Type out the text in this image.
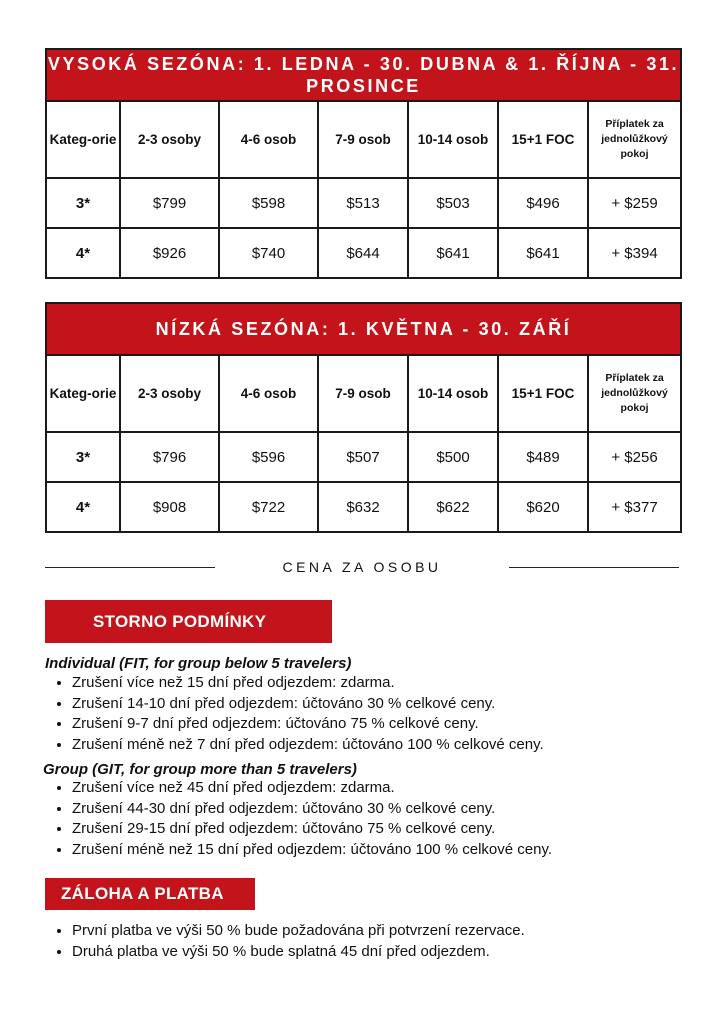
VYSOKÁ SEZÓNA: 1. LEDNA - 30. DUBNA & 1. ŘÍJNA - 31. PROSINCE						
Kateg-orie	2-3 osoby	4-6 osob	7-9 osob	10-14 osob	15+1 FOC	Příplatek za jednolůžkový pokoj
3*	$799	$598	$513	$503	$496	+ $259
4*	$926	$740	$644	$641	$641	+ $394
NÍZKÁ SEZÓNA: 1. KVĚTNA - 30. ZÁŘÍ						
Kateg-orie	2-3 osoby	4-6 osob	7-9 osob	10-14 osob	15+1 FOC	Příplatek za jednolůžkový pokoj
3*	$796	$596	$507	$500	$489	+ $256
4*	$908	$722	$632	$622	$620	+ $377
CENA ZA OSOBU
STORNO PODMÍNKY
Individual (FIT, for group below 5 travelers)
• Zrušení více než 15 dní před odjezdem: zdarma.
• Zrušení 14-10 dní před odjezdem: účtováno 30 % celkové ceny.
• Zrušení 9-7 dní před odjezdem: účtováno 75 % celkové ceny.
• Zrušení méně než 7 dní před odjezdem: účtováno 100 % celkové ceny.
Group (GIT, for group more than 5 travelers)
• Zrušení více než 45 dní před odjezdem: zdarma.
• Zrušení 44-30 dní před odjezdem: účtováno 30 % celkové ceny.
• Zrušení 29-15 dní před odjezdem: účtováno 75 % celkové ceny.
• Zrušení méně než 15 dní před odjezdem: účtováno 100 % celkové ceny.
ZÁLOHA A PLATBA
• První platba ve výši 50 % bude požadována při potvrzení rezervace.
• Druhá platba ve výši 50 % bude splatná 45 dní před odjezdem.
